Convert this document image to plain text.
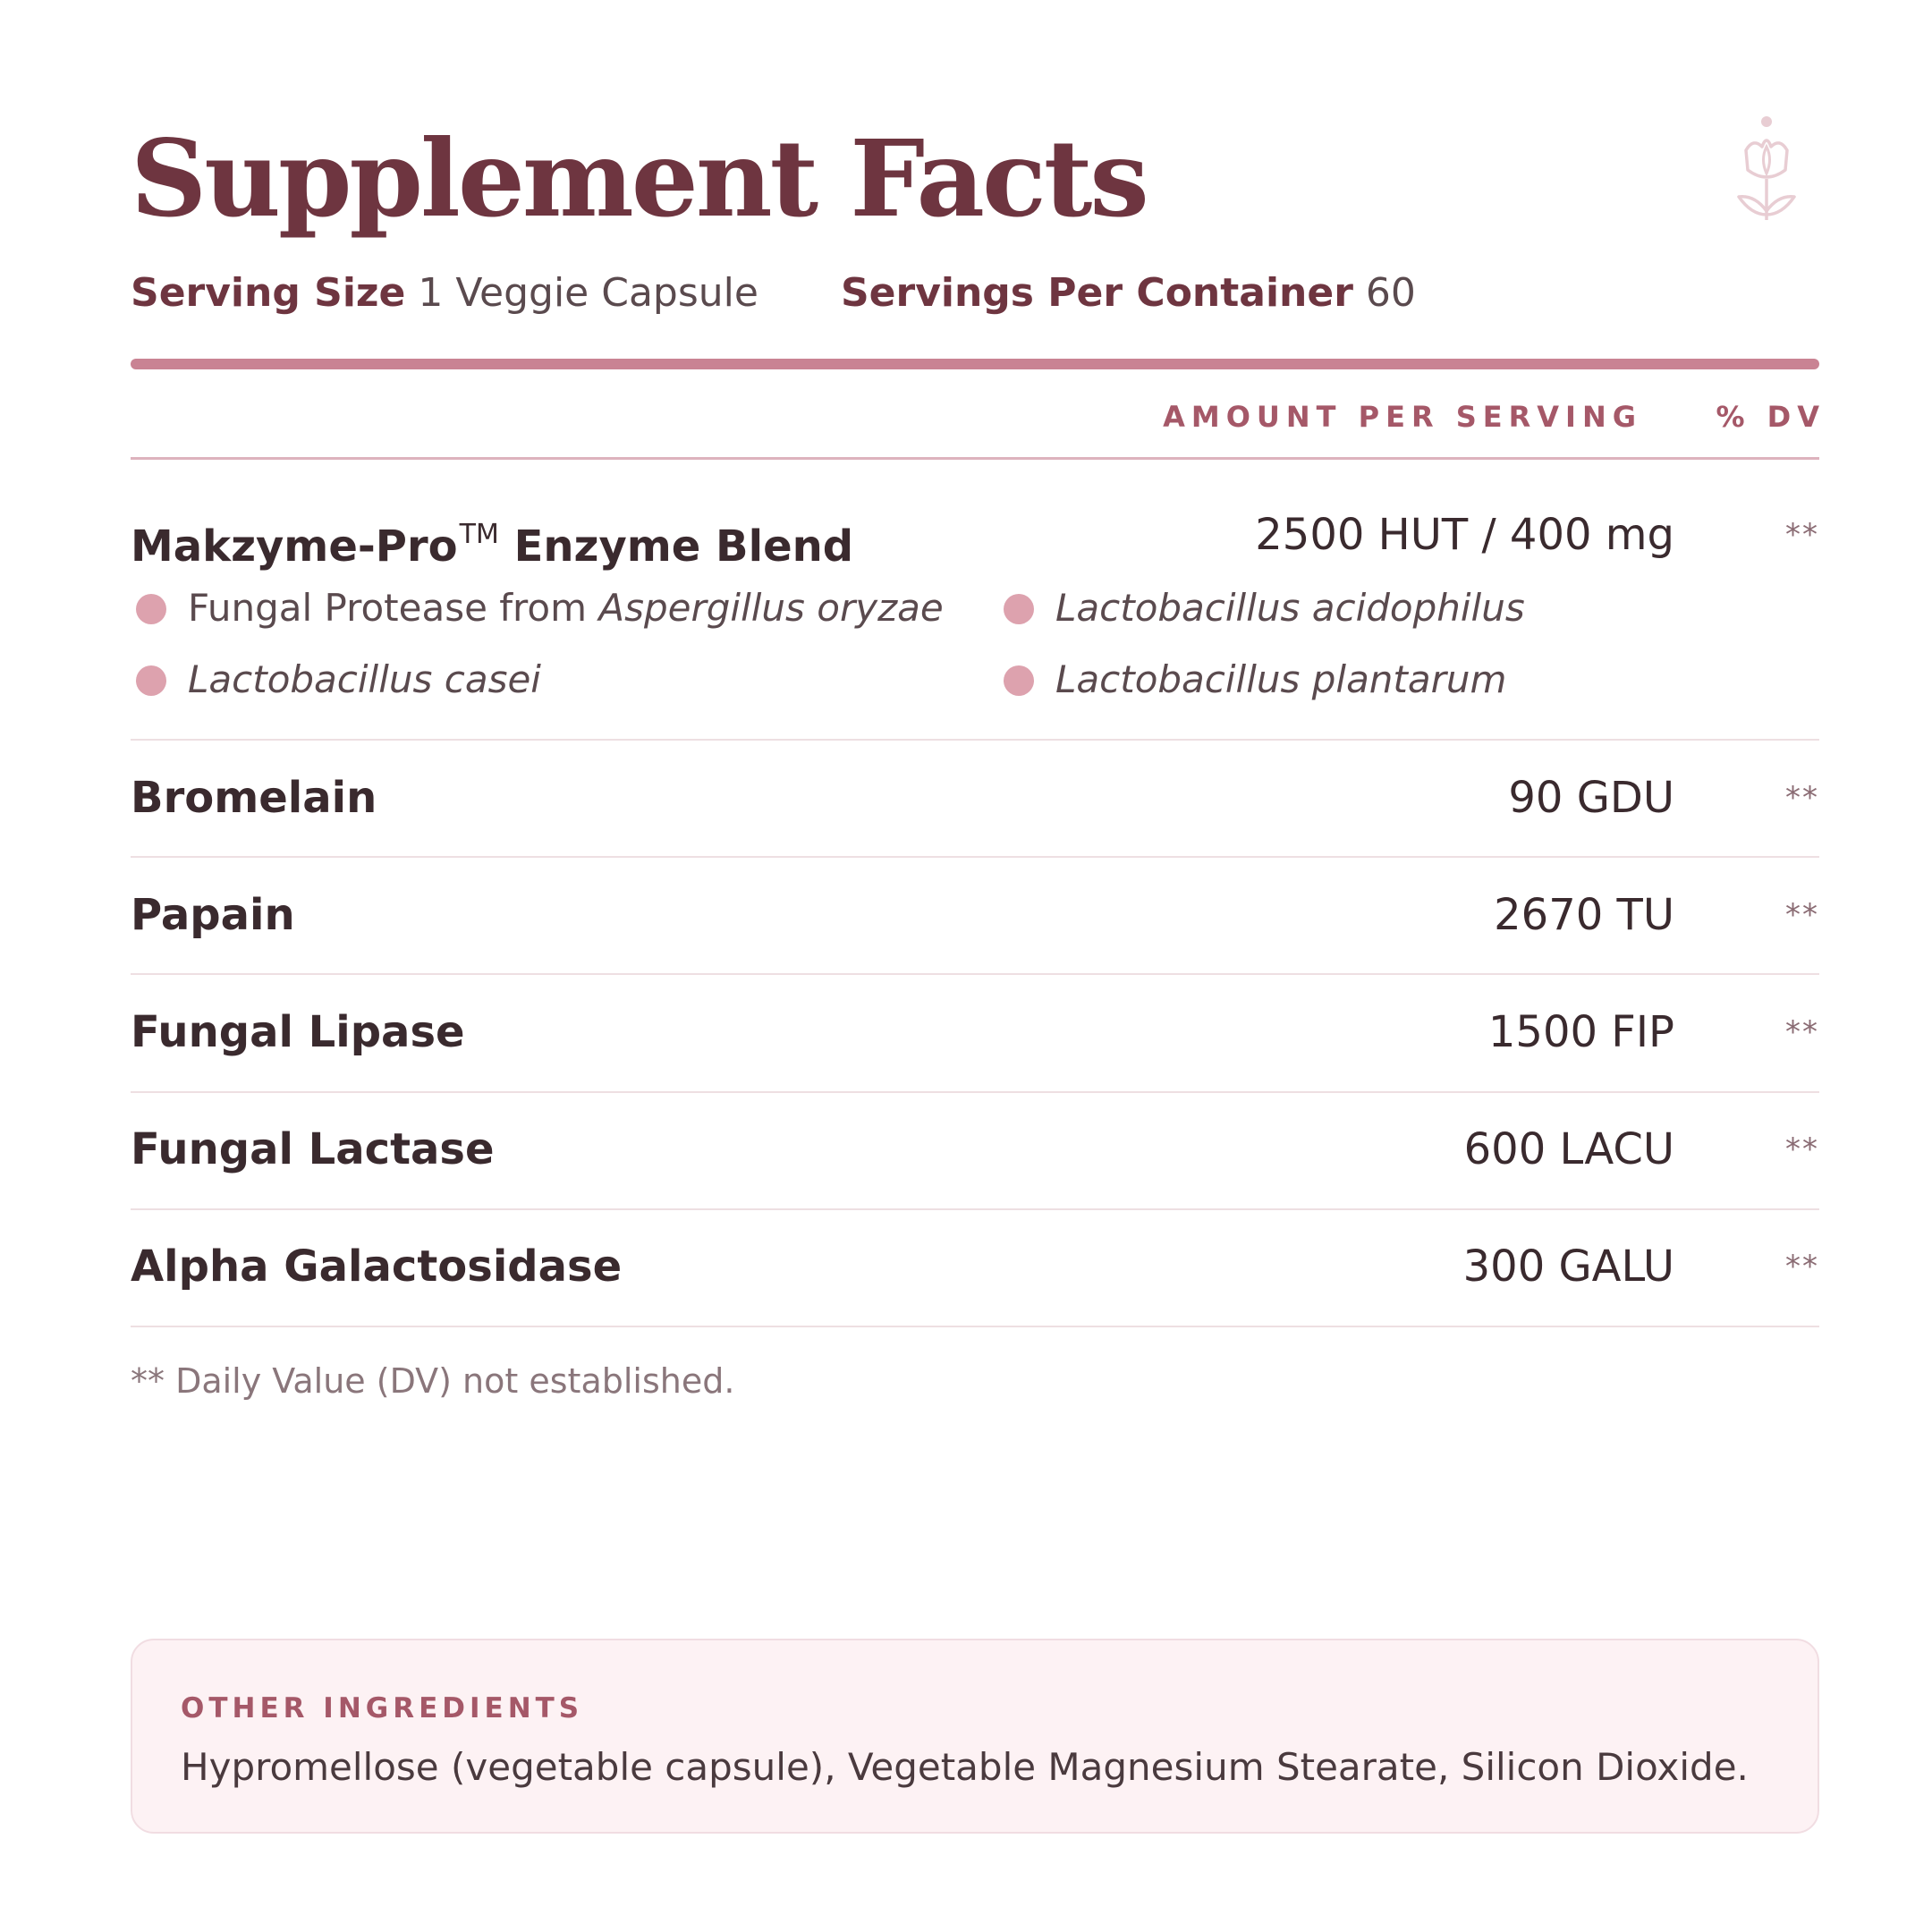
Supplement Facts
Serving Size 1 Veggie Capsule Servings Per Container 60
AMOUNT PER SERVING	% DV
Makzyme-Pro™ Enzyme Blend	2500 HUT / 400 mg	**
Fungal Protease from Aspergillus oryzae	Lactobacillus acidophilus
Lactobacillus casei	Lactobacillus plantarum
Bromelain	90 GDU	**
Papain	2670 TU	**
Fungal Lipase	1500 FIP	**
Fungal Lactase	600 LACU	**
Alpha Galactosidase	300 GALU	**
** Daily Value (DV) not established.
OTHER INGREDIENTS
Hypromellose (vegetable capsule), Vegetable Magnesium Stearate, Silicon Dioxide.
